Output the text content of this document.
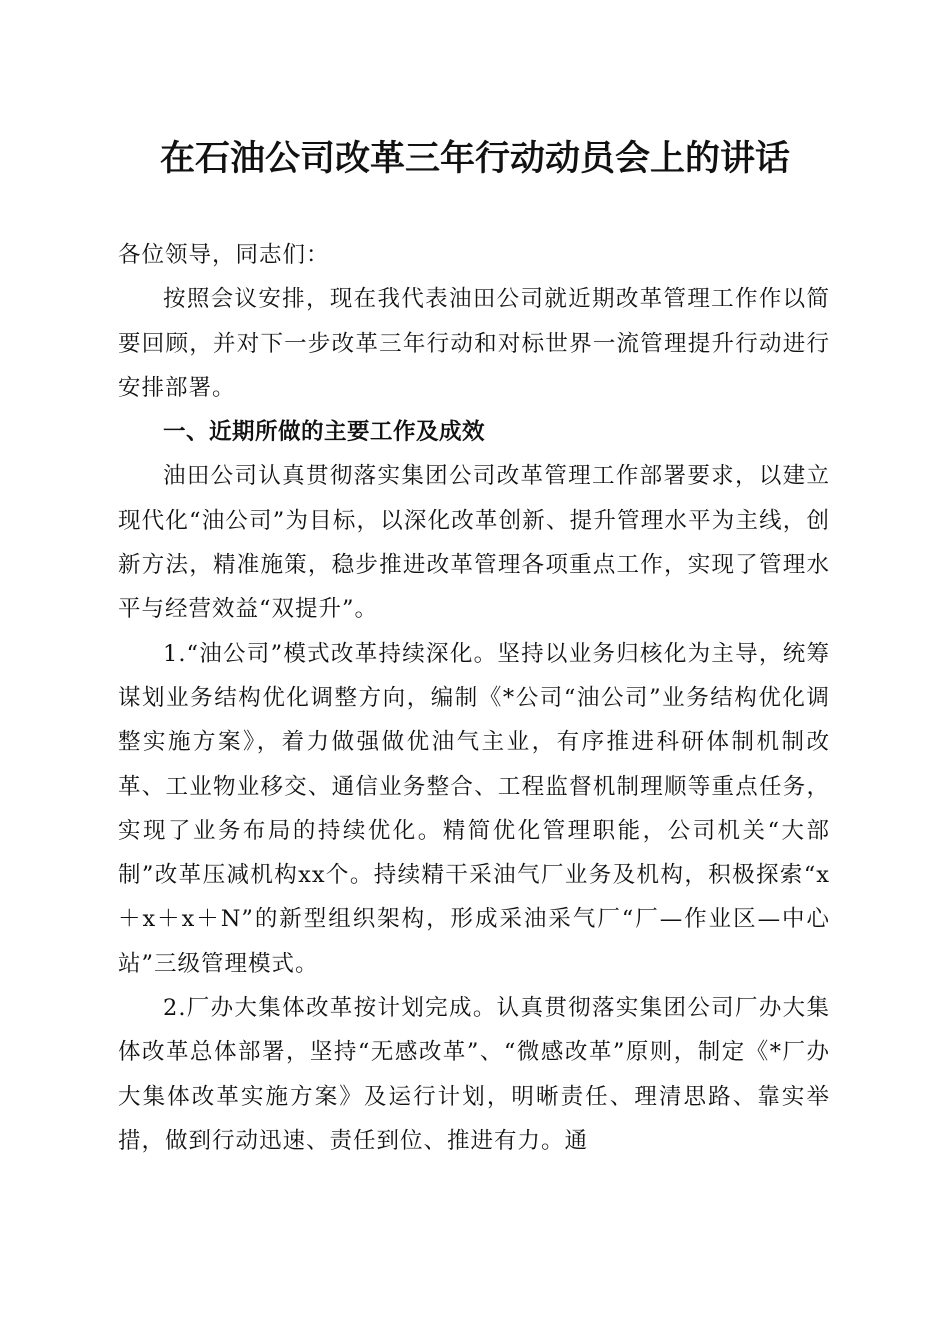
在石油公司改革三年行动动员会上的讲话

各位领导，同志们：

按照会议安排，现在我代表油田公司就近期改革管理工作作以简要回顾，并对下一步改革三年行动和对标世界一流管理提升行动进行安排部署。

一、近期所做的主要工作及成效

油田公司认真贯彻落实集团公司改革管理工作部署要求，以建立现代化“油公司”为目标，以深化改革创新、提升管理水平为主线，创新方法，精准施策，稳步推进改革管理各项重点工作，实现了管理水平与经营效益“双提升”。

1.“油公司”模式改革持续深化。坚持以业务归核化为主导，统筹谋划业务结构优化调整方向，编制《*公司“油公司”业务结构优化调整实施方案》，着力做强做优油气主业，有序推进科研体制机制改革、工业物业移交、通信业务整合、工程监督机制理顺等重点任务，实现了业务布局的持续优化。精简优化管理职能，公司机关“大部制”改革压减机构xx个。持续精干采油气厂业务及机构，积极探索“x＋x＋x＋N”的新型组织架构，形成采油采气厂“厂—作业区—中心站”三级管理模式。

2.厂办大集体改革按计划完成。认真贯彻落实集团公司厂办大集体改革总体部署，坚持“无感改革”、“微感改革”原则，制定《*厂办大集体改革实施方案》及运行计划，明晰责任、理清思路、靠实举措，做到行动迅速、责任到位、推进有力。通
